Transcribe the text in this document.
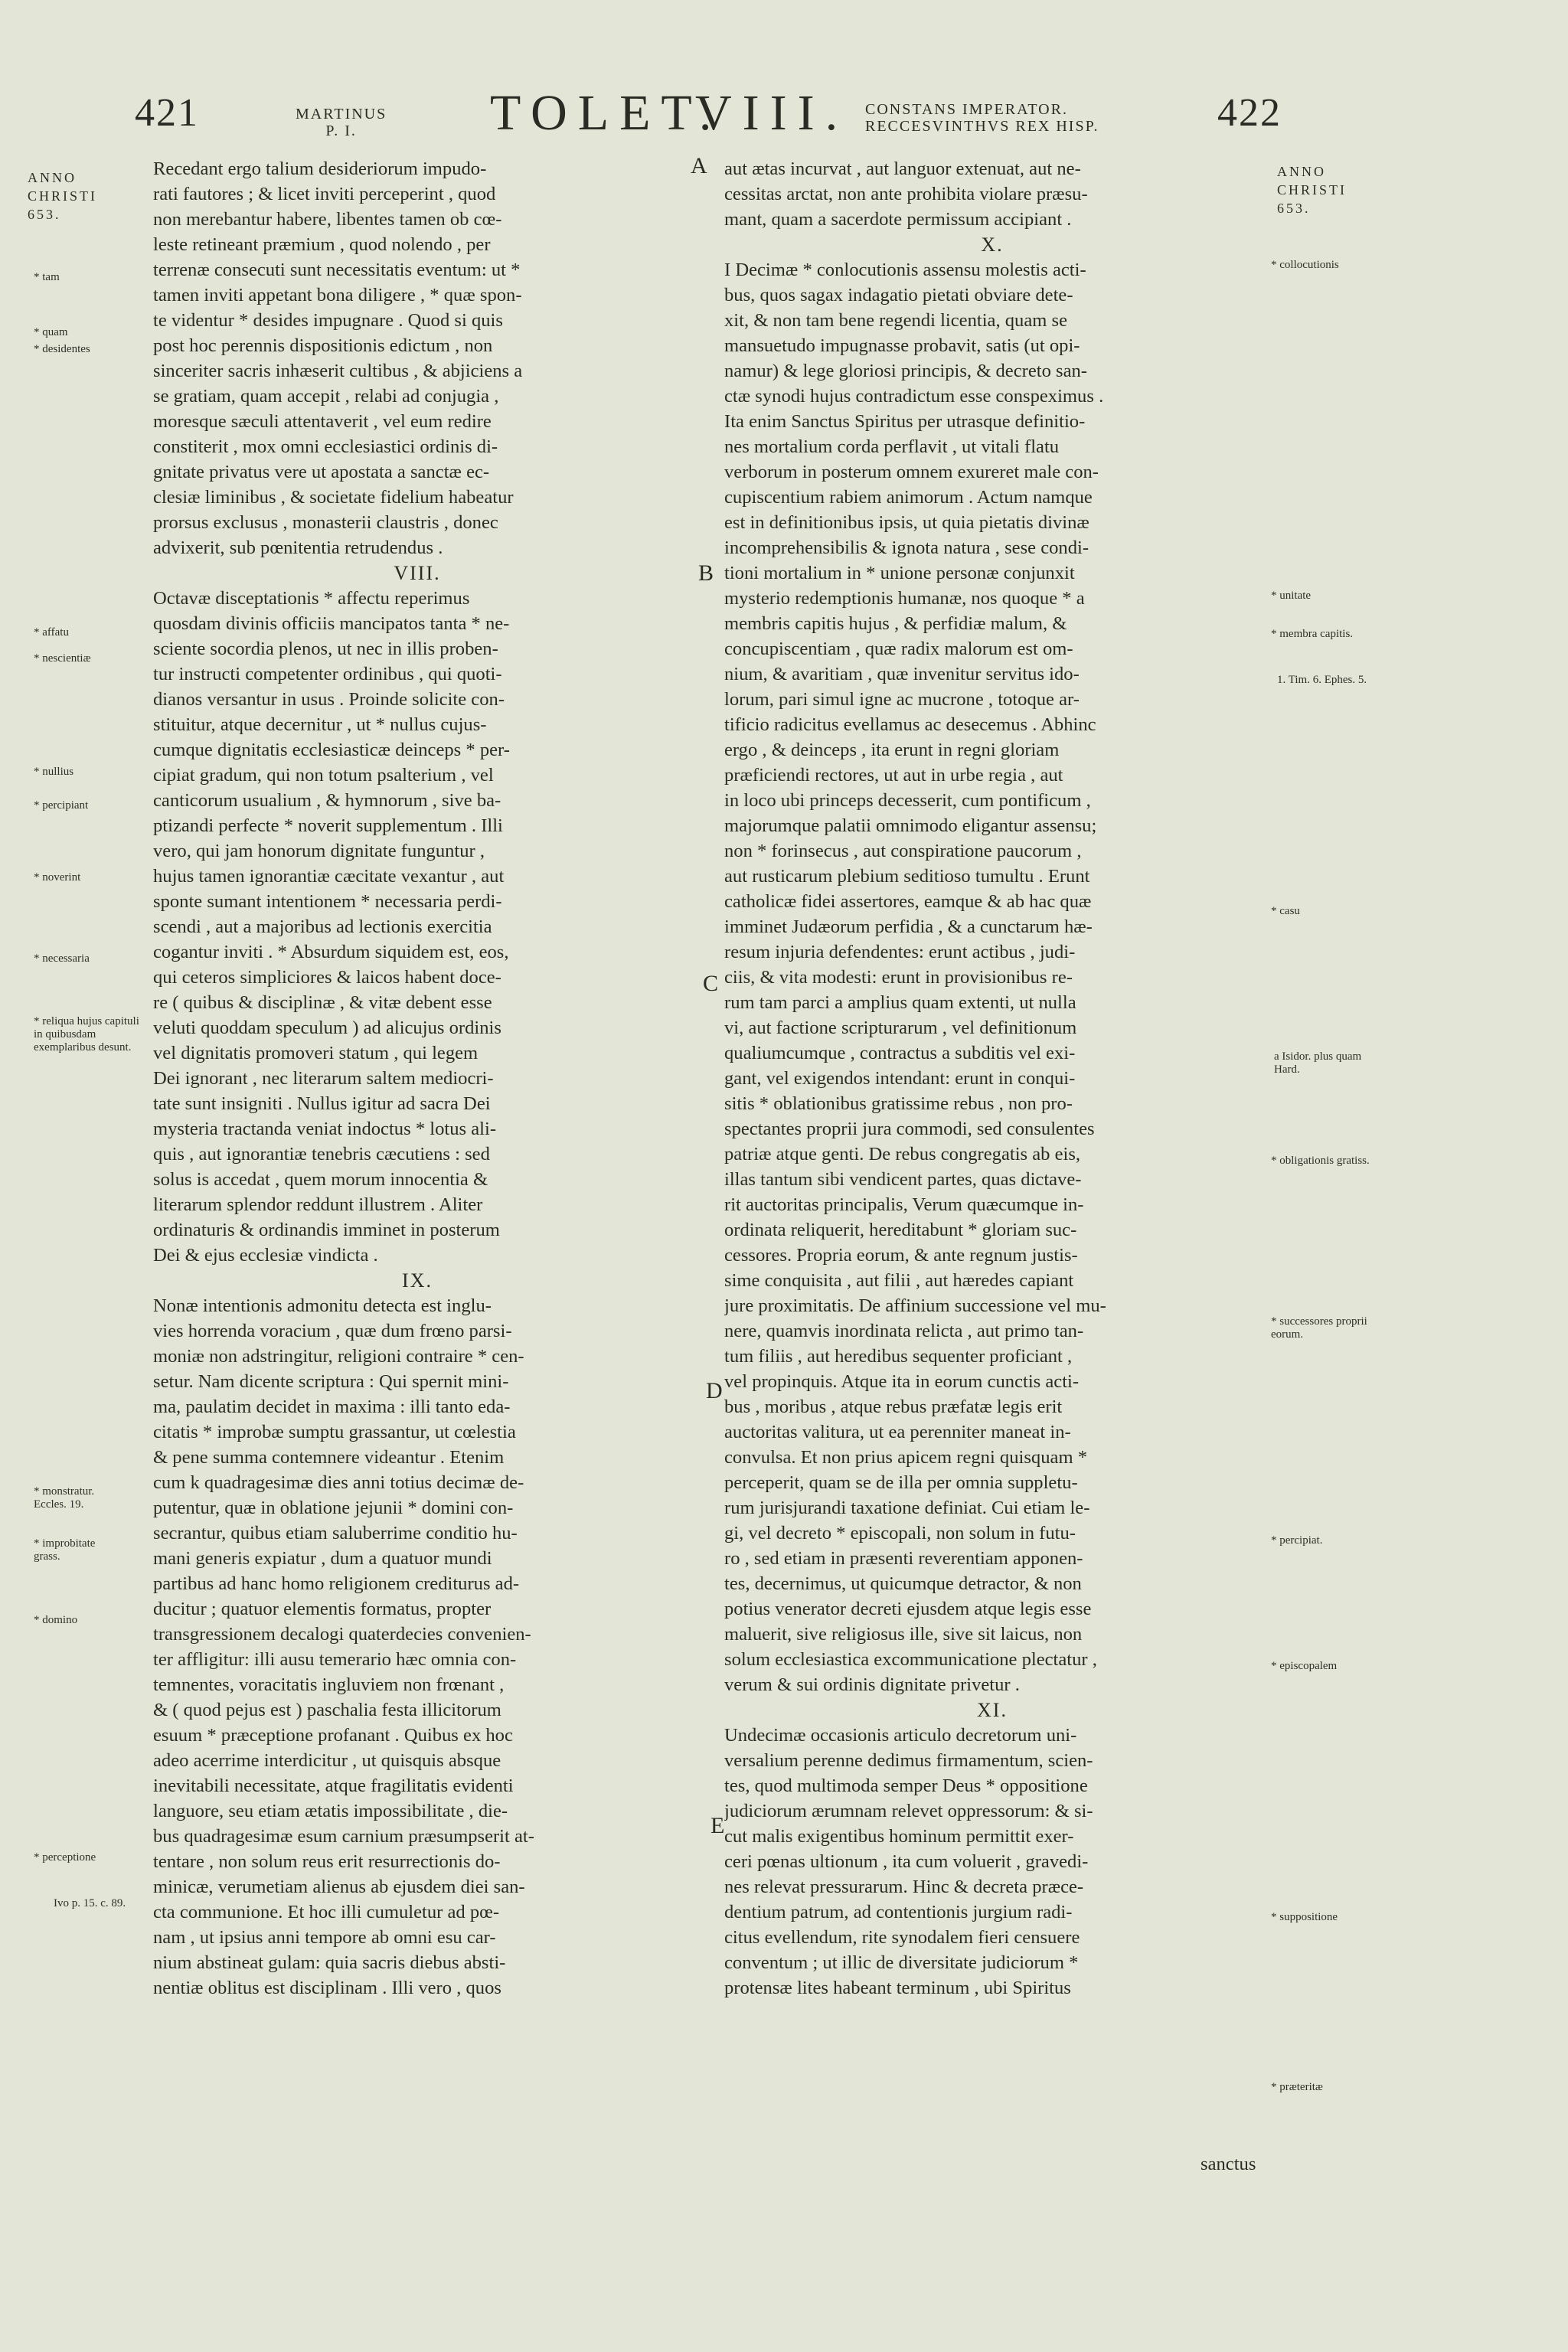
421	MARTINUS
P. I.	TOLET.
VIII. CONSTANS IMPERATOR.
RECCESVINTHVS REX HISP.	422
ANNO
CHRISTI
653.
ANNO
CHRISTI
653.
A
B
C
D
E
* tam
* quam
* desidentes
* affatu
* nescientiæ
* nullius
* percipiant
* noverint
* necessaria
* reliqua hujus capituli in quibusdam exemplaribus desunt.
* monstratur. Eccles. 19.
* improbitate grass.
* domino
* perceptione
Ivo p. 15. c. 89.
* collocutionis
* unitate
* membra capitis.
1. Tim. 6. Ephes. 5.
* casu
a Isidor. plus quam Hard.
* obligationis gratiss.
* successores proprii eorum.
* percipiat.
* episcopalem
* suppositione
* præteritæ
Recedant ergo talium desideriorum impudo-
rati fautores ; & licet inviti perceperint , quod
non merebantur habere, libentes tamen ob cœ-
leste retineant præmium , quod nolendo , per
terrenæ consecuti sunt necessitatis eventum: ut *
tamen inviti appetant bona diligere , * quæ spon-
te videntur * desides impugnare . Quod si quis
post hoc perennis dispositionis edictum , non
sinceriter sacris inhæserit cultibus , & abjiciens a
se gratiam, quam accepit , relabi ad conjugia ,
moresque sæculi attentaverit , vel eum redire
constiterit , mox omni ecclesiastici ordinis di-
gnitate privatus vere ut apostata a sanctæ ec-
clesiæ liminibus , & societate fidelium habeatur
prorsus exclusus , monasterii claustris , donec
advixerit, sub pœnitentia retrudendus .
VIII.
Octavæ disceptationis * affectu reperimus
quosdam divinis officiis mancipatos tanta * ne-
sciente socordia plenos, ut nec in illis proben-
tur instructi competenter ordinibus , qui quoti-
dianos versantur in usus . Proinde solicite con-
stituitur, atque decernitur , ut * nullus cujus-
cumque dignitatis ecclesiasticæ deinceps * per-
cipiat gradum, qui non totum psalterium , vel
canticorum usualium , & hymnorum , sive ba-
ptizandi perfecte * noverit supplementum . Illi
vero, qui jam honorum dignitate funguntur ,
hujus tamen ignorantiæ cæcitate vexantur , aut
sponte sumant intentionem * necessaria perdi-
scendi , aut a majoribus ad lectionis exercitia
cogantur inviti . * Absurdum siquidem est, eos,
qui ceteros simpliciores & laicos habent doce-
re ( quibus & disciplinæ , & vitæ debent esse
veluti quoddam speculum ) ad alicujus ordinis
vel dignitatis promoveri statum , qui legem
Dei ignorant , nec literarum saltem mediocri-
tate sunt insigniti . Nullus igitur ad sacra Dei
mysteria tractanda veniat indoctus * lotus ali-
quis , aut ignorantiæ tenebris cæcutiens : sed
solus is accedat , quem morum innocentia &
literarum splendor reddunt illustrem . Aliter
ordinaturis & ordinandis imminet in posterum
Dei & ejus ecclesiæ vindicta .
IX.
Nonæ intentionis admonitu detecta est inglu-
vies horrenda voracium , quæ dum frœno parsi-
moniæ non adstringitur, religioni contraire * cen-
setur. Nam dicente scriptura : Qui spernit mini-
ma, paulatim decidet in maxima : illi tanto eda-
citatis * improbæ sumptu grassantur, ut cœlestia
& pene summa contemnere videantur . Etenim
cum k quadragesimæ dies anni totius decimæ de-
putentur, quæ in oblatione jejunii * domini con-
secrantur, quibus etiam saluberrime conditio hu-
mani generis expiatur , dum a quatuor mundi
partibus ad hanc homo religionem crediturus ad-
ducitur ; quatuor elementis formatus, propter
transgressionem decalogi quaterdecies convenien-
ter affligitur: illi ausu temerario hæc omnia con-
temnentes, voracitatis ingluviem non frœnant ,
& ( quod pejus est ) paschalia festa illicitorum
esuum * præceptione profanant . Quibus ex hoc
adeo acerrime interdicitur , ut quisquis absque
inevitabili necessitate, atque fragilitatis evidenti
languore, seu etiam ætatis impossibilitate , die-
bus quadragesimæ esum carnium præsumpserit at-
tentare , non solum reus erit resurrectionis do-
minicæ, verumetiam alienus ab ejusdem diei san-
cta communione. Et hoc illi cumuletur ad pœ-
nam , ut ipsius anni tempore ab omni esu car-
nium abstineat gulam: quia sacris diebus absti-
nentiæ oblitus est disciplinam . Illi vero , quos
aut ætas incurvat , aut languor extenuat, aut ne-
cessitas arctat, non ante prohibita violare præsu-
mant, quam a sacerdote permissum accipiant .
X.
I Decimæ * conlocutionis assensu molestis acti-
bus, quos sagax indagatio pietati obviare dete-
xit, & non tam bene regendi licentia, quam se
mansuetudo impugnasse probavit, satis (ut opi-
namur) & lege gloriosi principis, & decreto san-
ctæ synodi hujus contradictum esse conspeximus .
Ita enim Sanctus Spiritus per utrasque definitio-
nes mortalium corda perflavit , ut vitali flatu
verborum in posterum omnem exureret male con-
cupiscentium rabiem animorum . Actum namque
est in definitionibus ipsis, ut quia pietatis divinæ
incomprehensibilis & ignota natura , sese condi-
tioni mortalium in * unione personæ conjunxit
mysterio redemptionis humanæ, nos quoque * a
membris capitis hujus , & perfidiæ malum, &
concupiscentiam , quæ radix malorum est om-
nium, & avaritiam , quæ invenitur servitus ido-
lorum, pari simul igne ac mucrone , totoque ar-
tificio radicitus evellamus ac desecemus . Abhinc
ergo , & deinceps , ita erunt in regni gloriam
præficiendi rectores, ut aut in urbe regia , aut
in loco ubi princeps decesserit, cum pontificum ,
majorumque palatii omnimodo eligantur assensu;
non * forinsecus , aut conspiratione paucorum ,
aut rusticarum plebium seditioso tumultu . Erunt
catholicæ fidei assertores, eamque & ab hac quæ
imminet Judæorum perfidia , & a cunctarum hæ-
resum injuria defendentes: erunt actibus , judi-
ciis, & vita modesti: erunt in provisionibus re-
rum tam parci a amplius quam extenti, ut nulla
vi, aut factione scripturarum , vel definitionum
qualiumcumque , contractus a subditis vel exi-
gant, vel exigendos intendant: erunt in conqui-
sitis * oblationibus gratissime rebus , non pro-
spectantes proprii jura commodi, sed consulentes
patriæ atque genti. De rebus congregatis ab eis,
illas tantum sibi vendicent partes, quas dictave-
rit auctoritas principalis, Verum quæcumque in-
ordinata reliquerit, hereditabunt * gloriam suc-
cessores. Propria eorum, & ante regnum justis-
sime conquisita , aut filii , aut hæredes capiant
jure proximitatis. De affinium successione vel mu-
nere, quamvis inordinata relicta , aut primo tan-
tum filiis , aut heredibus sequenter proficiant ,
vel propinquis. Atque ita in eorum cunctis acti-
bus , moribus , atque rebus præfatæ legis erit
auctoritas valitura, ut ea perenniter maneat in-
convulsa. Et non prius apicem regni quisquam *
perceperit, quam se de illa per omnia suppletu-
rum jurisjurandi taxatione definiat. Cui etiam le-
gi, vel decreto * episcopali, non solum in futu-
ro , sed etiam in præsenti reverentiam apponen-
tes, decernimus, ut quicumque detractor, & non
potius venerator decreti ejusdem atque legis esse
maluerit, sive religiosus ille, sive sit laicus, non
solum ecclesiastica excommunicatione plectatur ,
verum & sui ordinis dignitate privetur .
XI.
Undecimæ occasionis articulo decretorum uni-
versalium perenne dedimus firmamentum, scien-
tes, quod multimoda semper Deus * oppositione
judiciorum ærumnam relevet oppressorum: & si-
cut malis exigentibus hominum permittit exer-
ceri pœnas ultionum , ita cum voluerit , gravedi-
nes relevat pressurarum. Hinc & decreta præce-
dentium patrum, ad contentionis jurgium radi-
citus evellendum, rite synodalem fieri censuere
conventum ; ut illic de diversitate judiciorum *
protensæ lites habeant terminum , ubi Spiritus
sanctus
